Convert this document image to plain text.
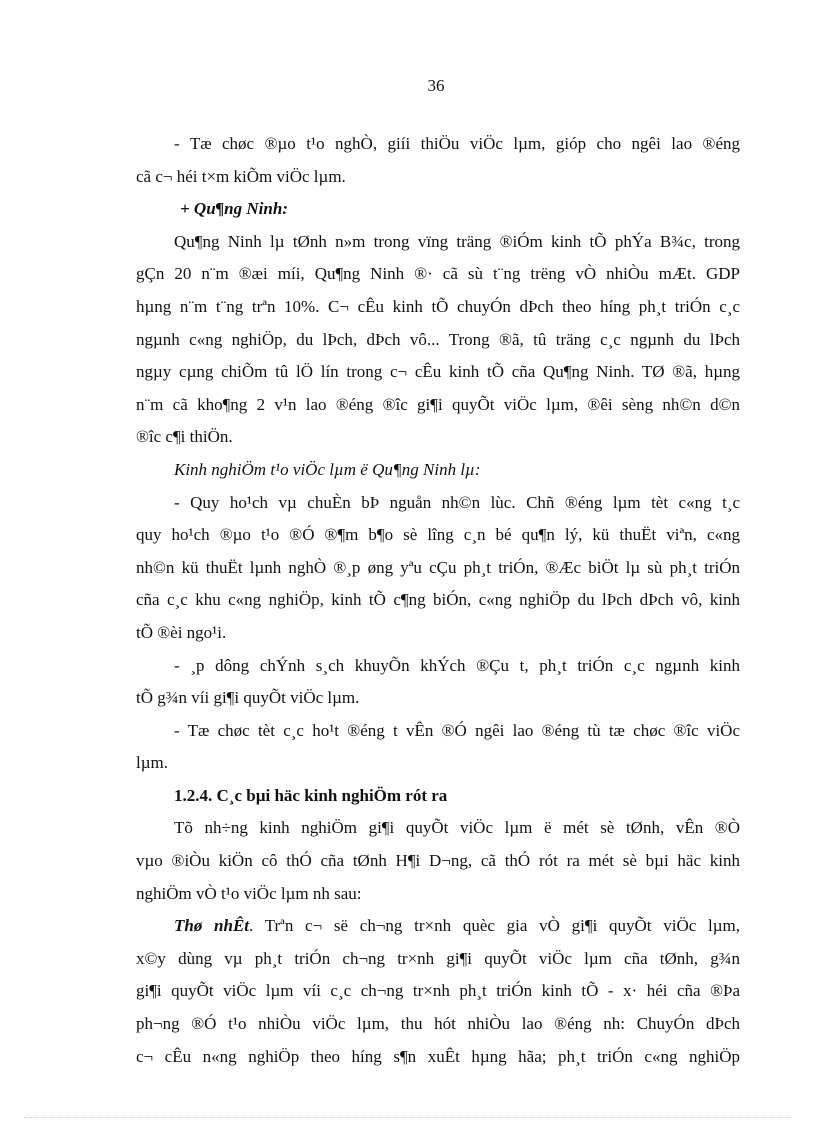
36

- Tæ chøc ®µo t¹o nghÒ, giíi thiÖu viÖc lµm, gióp cho ngêi lao ®éng
cã c¬ héi t×m kiÕm viÖc lµm.

+ Qu¶ng Ninh:

Qu¶ng Ninh lµ tØnh n»m trong vïng träng ®iÓm kinh tÕ phÝa B¾c, trong
gÇn 20 n¨m ®æi míi, Qu¶ng Ninh ®· cã sù t¨ng trëng vÒ nhiÒu mÆt. GDP
hµng n¨m t¨ng trªn 10%. C¬ cÊu kinh tÕ chuyÓn dÞch theo híng ph¸t triÓn c¸c
ngµnh c«ng nghiÖp, du lÞch, dÞch vô... Trong ®ã, tû träng c¸c ngµnh du lÞch
ngµy cµng chiÕm tû lÖ lín trong c¬ cÊu kinh tÕ cña Qu¶ng Ninh. TØ ®ã, hµng
n¨m cã kho¶ng 2 v¹n lao ®éng ®îc gi¶i quyÕt viÖc lµm, ®êi sèng nh©n d©n
®îc c¶i thiÖn.

Kinh nghiÖm t¹o viÖc lµm ë Qu¶ng Ninh lµ:

- Quy ho¹ch vµ chuÈn bÞ nguån nh©n lùc. Chñ ®éng lµm tèt c«ng t¸c
quy ho¹ch ®µo t¹o ®Ó ®¶m b¶o sè lîng c¸n bé qu¶n lý, kü thuËt viªn, c«ng
nh©n kü thuËt lµnh nghÒ ®¸p øng yªu cÇu ph¸t triÓn, ®Æc biÖt lµ sù ph¸t triÓn
cña c¸c khu c«ng nghiÖp, kinh tÕ c¶ng biÓn, c«ng nghiÖp du lÞch dÞch vô, kinh
tÕ ®èi ngo¹i.

- ¸p dông chÝnh s¸ch khuyÕn khÝch ®Çu t, ph¸t triÓn c¸c ngµnh kinh
tÕ g¾n víi gi¶i quyÕt viÖc lµm.

- Tæ chøc tèt c¸c ho¹t ®éng t vÊn ®Ó ngêi lao ®éng tù tæ chøc ®îc viÖc
lµm.

1.2.4. C¸c bµi häc kinh nghiÖm rót ra

Tõ nh÷ng kinh nghiÖm gi¶i quyÕt viÖc lµm ë mét sè tØnh, vÊn ®Ò
vµo ®iÒu kiÖn cô thÓ cña tØnh H¶i D¬ng, cã thÓ rót ra mét sè bµi häc kinh
nghiÖm vÒ t¹o viÖc lµm nh sau:

Thø nhÊt. Trªn c¬ së ch¬ng tr×nh quèc gia vÒ gi¶i quyÕt viÖc lµm,
x©y dùng vµ ph¸t triÓn ch¬ng tr×nh gi¶i quyÕt viÖc lµm cña tØnh, g¾n
gi¶i quyÕt viÖc lµm víi c¸c ch¬ng tr×nh ph¸t triÓn kinh tÕ - x· héi cña ®Þa
ph¬ng ®Ó t¹o nhiÒu viÖc lµm, thu hót nhiÒu lao ®éng nh: ChuyÓn dÞch
c¬ cÊu n«ng nghiÖp theo híng s¶n xuÊt hµng hãa; ph¸t triÓn c«ng nghiÖp
